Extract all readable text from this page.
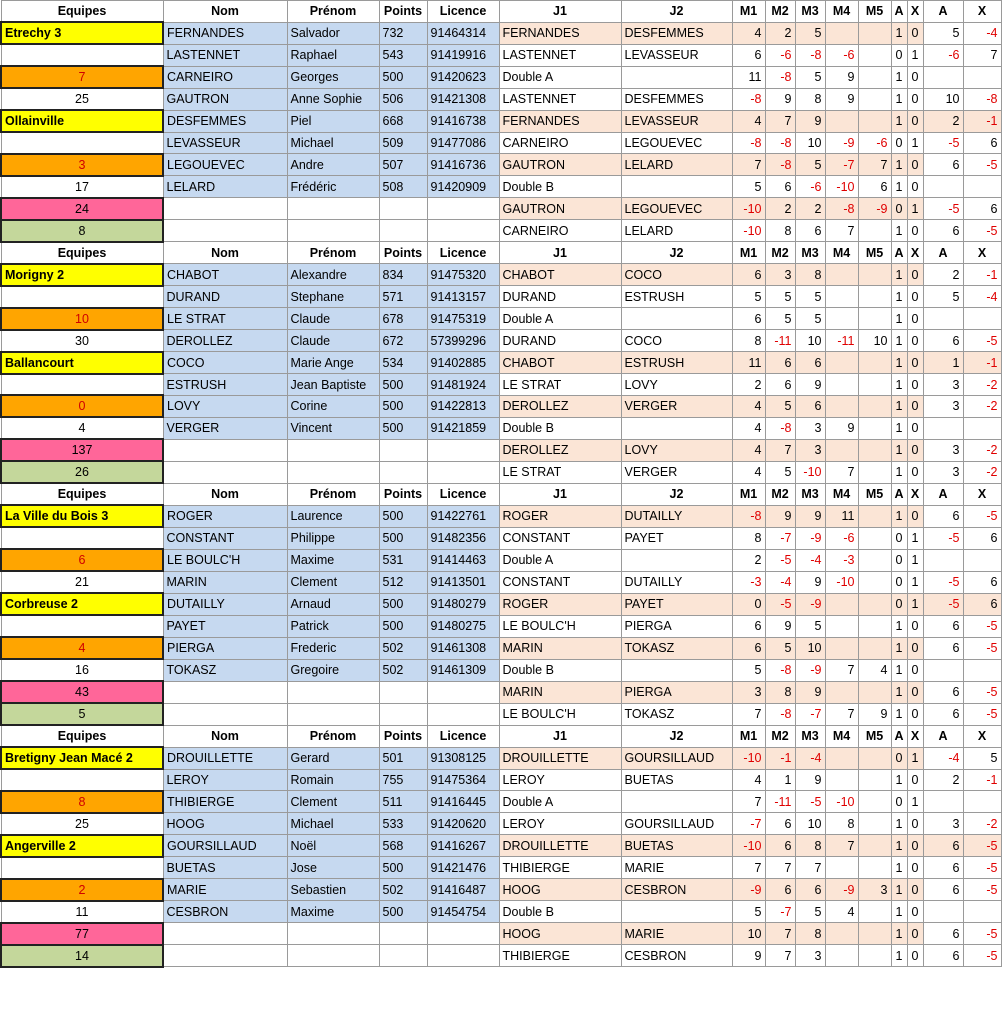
Equipes	Nom	Prénom	Points	Licence	J1	J2	M1	M2	M3	M4	M5	A	X	A	X
Etrechy 3	FERNANDES	Salvador	732	91464314	FERNANDES	DESFEMMES	4	2	5			1	0	5	-4
	LASTENNET	Raphael	543	91419916	LASTENNET	LEVASSEUR	6	-6	-8	-6		0	1	-6	7
7	CARNEIRO	Georges	500	91420623	Double A		11	-8	5	9		1	0		
25	GAUTRON	Anne Sophie	506	91421308	LASTENNET	DESFEMMES	-8	9	8	9		1	0	10	-8
Ollainville	DESFEMMES	Piel	668	91416738	FERNANDES	LEVASSEUR	4	7	9			1	0	2	-1
	LEVASSEUR	Michael	509	91477086	CARNEIRO	LEGOUEVEC	-8	-8	10	-9	-6	0	1	-5	6
3	LEGOUEVEC	Andre	507	91416736	GAUTRON	LELARD	7	-8	5	-7	7	1	0	6	-5
17	LELARD	Frédéric	508	91420909	Double B		5	6	-6	-10	6	1	0		
24					GAUTRON	LEGOUEVEC	-10	2	2	-8	-9	0	1	-5	6
8					CARNEIRO	LELARD	-10	8	6	7		1	0	6	-5
Equipes	Nom	Prénom	Points	Licence	J1	J2	M1	M2	M3	M4	M5	A	X	A	X
Morigny 2	CHABOT	Alexandre	834	91475320	CHABOT	COCO	6	3	8			1	0	2	-1
	DURAND	Stephane	571	91413157	DURAND	ESTRUSH	5	5	5			1	0	5	-4
10	LE STRAT	Claude	678	91475319	Double A		6	5	5			1	0		
30	DEROLLEZ	Claude	672	57399296	DURAND	COCO	8	-11	10	-11	10	1	0	6	-5
Ballancourt	COCO	Marie Ange	534	91402885	CHABOT	ESTRUSH	11	6	6			1	0	1	-1
	ESTRUSH	Jean Baptiste	500	91481924	LE STRAT	LOVY	2	6	9			1	0	3	-2
0	LOVY	Corine	500	91422813	DEROLLEZ	VERGER	4	5	6			1	0	3	-2
4	VERGER	Vincent	500	91421859	Double B		4	-8	3	9		1	0		
137					DEROLLEZ	LOVY	4	7	3			1	0	3	-2
26					LE STRAT	VERGER	4	5	-10	7		1	0	3	-2
Equipes	Nom	Prénom	Points	Licence	J1	J2	M1	M2	M3	M4	M5	A	X	A	X
La Ville du Bois 3	ROGER	Laurence	500	91422761	ROGER	DUTAILLY	-8	9	9	11		1	0	6	-5
	CONSTANT	Philippe	500	91482356	CONSTANT	PAYET	8	-7	-9	-6		0	1	-5	6
6	LE BOULC'H	Maxime	531	91414463	Double A		2	-5	-4	-3		0	1		
21	MARIN	Clement	512	91413501	CONSTANT	DUTAILLY	-3	-4	9	-10		0	1	-5	6
Corbreuse 2	DUTAILLY	Arnaud	500	91480279	ROGER	PAYET	0	-5	-9			0	1	-5	6
	PAYET	Patrick	500	91480275	LE BOULC'H	PIERGA	6	9	5			1	0	6	-5
4	PIERGA	Frederic	502	91461308	MARIN	TOKASZ	6	5	10			1	0	6	-5
16	TOKASZ	Gregoire	502	91461309	Double B		5	-8	-9	7	4	1	0		
43					MARIN	PIERGA	3	8	9			1	0	6	-5
5					LE BOULC'H	TOKASZ	7	-8	-7	7	9	1	0	6	-5
Equipes	Nom	Prénom	Points	Licence	J1	J2	M1	M2	M3	M4	M5	A	X	A	X
Bretigny Jean Macé 2	DROUILLETTE	Gerard	501	91308125	DROUILLETTE	GOURSILLAUD	-10	-1	-4			0	1	-4	5
	LEROY	Romain	755	91475364	LEROY	BUETAS	4	1	9			1	0	2	-1
8	THIBIERGE	Clement	511	91416445	Double A		7	-11	-5	-10		0	1		
25	HOOG	Michael	533	91420620	LEROY	GOURSILLAUD	-7	6	10	8		1	0	3	-2
Angerville 2	GOURSILLAUD	Noël	568	91416267	DROUILLETTE	BUETAS	-10	6	8	7		1	0	6	-5
	BUETAS	Jose	500	91421476	THIBIERGE	MARIE	7	7	7			1	0	6	-5
2	MARIE	Sebastien	502	91416487	HOOG	CESBRON	-9	6	6	-9	3	1	0	6	-5
11	CESBRON	Maxime	500	91454754	Double B		5	-7	5	4		1	0		
77					HOOG	MARIE	10	7	8			1	0	6	-5
14					THIBIERGE	CESBRON	9	7	3			1	0	6	-5
